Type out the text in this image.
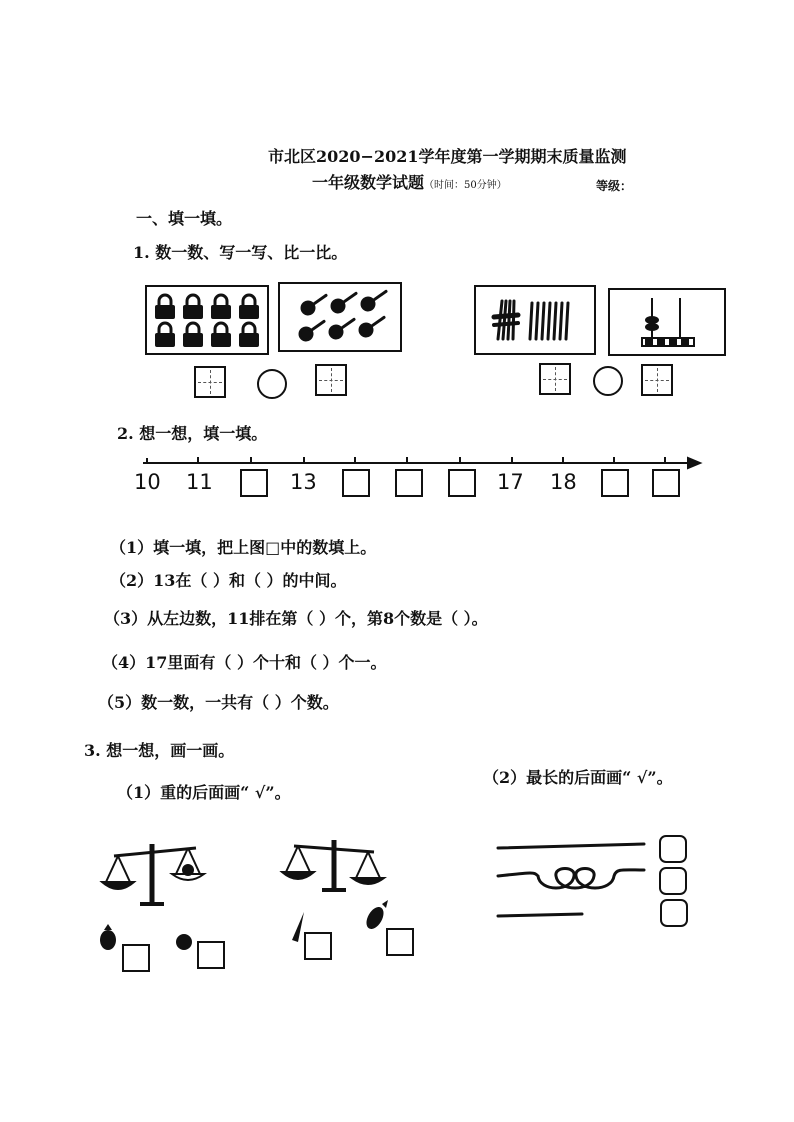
市北区2020−2021学年度第一学期期末质量监测
一年级数学试题（时间：50分钟）	等级：
一、填一填。
1. 数一数、写一写、比一比。
2. 想一想，填一填。
10 11	13	17 18
（1）填一填，把上图□中的数填上。
（2）13在（ ）和（ ）的中间。
（3）从左边数，11排在第（ ）个，第8个数是（ ）。
（4）17里面有（ ）个十和（ ）个一。
（5）数一数，一共有（ ）个数。
3. 想一想，画一画。
（1）重的后面画“ √”。
（2）最长的后面画“ √”。
